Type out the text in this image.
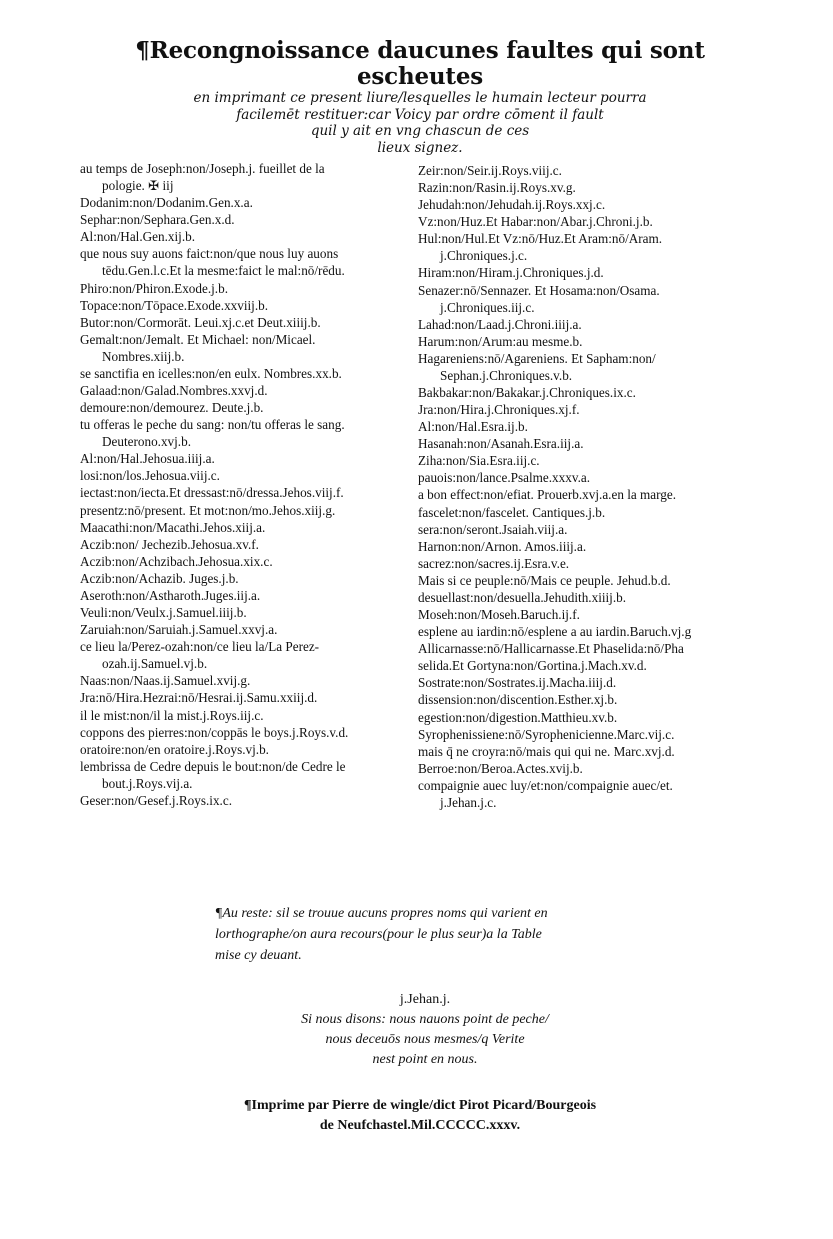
¶Recongnoissance daucunes faultes qui sont escheutes
en imprimant ce present liure/lesquelles le humain lecteur pourra
facilemēt restituer:car Voicy par ordre cōment il fault
quil y ait en vng chascun de ces
lieux signez.
au temps de Joseph:non/Joseph.j. fueillet de la
pologie. ✠ iij
Dodanim:non/Dodanim.Gen.x.a.
Sephar:non/Sephara.Gen.x.d.
Al:non/Hal.Gen.xij.b.
que nous suy auons faict:non/que nous luy auons
tēdu.Gen.l.c.Et la mesme:faict le mal:nō/rēdu.
Phiro:non/Phiron.Exode.j.b.
Topace:non/Tōpace.Exode.xxviij.b.
Butor:non/Cormorāt. Leui.xj.c.et Deut.xiiij.b.
Gemalt:non/Jemalt. Et Michael: non/Micael.
Nombres.xiij.b.
se sanctifia en icelles:non/en eulx. Nombres.xx.b.
Galaad:non/Galad.Nombres.xxvj.d.
demoure:non/demourez. Deute.j.b.
tu offeras le peche du sang: non/tu offeras le sang.
Deuterono.xvj.b.
Al:non/Hal.Jehosua.iiij.a.
losi:non/los.Jehosua.viij.c.
iectast:non/iecta.Et dressast:nō/dressa.Jehos.viij.f.
presentz:nō/present. Et mot:non/mo.Jehos.xiij.g.
Maacathi:non/Macathi.Jehos.xiij.a.
Aczib:non/ Jechezib.Jehosua.xv.f.
Aczib:non/Achzibach.Jehosua.xix.c.
Aczib:non/Achazib. Juges.j.b.
Aseroth:non/Astharoth.Juges.iij.a.
Veuli:non/Veulx.j.Samuel.iiij.b.
Zaruiah:non/Saruiah.j.Samuel.xxvj.a.
ce lieu la/Perez-ozah:non/ce lieu la/La Perez-
ozah.ij.Samuel.vj.b.
Naas:non/Naas.ij.Samuel.xvij.g.
Jra:nō/Hira.Hezrai:nō/Hesrai.ij.Samu.xxiij.d.
il le mist:non/il la mist.j.Roys.iij.c.
coppons des pierres:non/coppās le boys.j.Roys.v.d.
oratoire:non/en oratoire.j.Roys.vj.b.
lembrissa de Cedre depuis le bout:non/de Cedre le
bout.j.Roys.vij.a.
Geser:non/Gesef.j.Roys.ix.c.
Zeir:non/Seir.ij.Roys.viij.c.
Razin:non/Rasin.ij.Roys.xv.g.
Jehudah:non/Jehudah.ij.Roys.xxj.c.
Vz:non/Huz.Et Habar:non/Abar.j.Chroni.j.b.
Hul:non/Hul.Et Vz:nō/Huz.Et Aram:nō/Aram.
j.Chroniques.j.c.
Hiram:non/Hiram.j.Chroniques.j.d.
Senazer:nō/Sennazer. Et Hosama:non/Osama.
j.Chroniques.iij.c.
Lahad:non/Laad.j.Chroni.iiij.a.
Harum:non/Arum:au mesme.b.
Hagareniens:nō/Agareniens. Et Sapham:non/
Sephan.j.Chroniques.v.b.
Bakbakar:non/Bakakar.j.Chroniques.ix.c.
Jra:non/Hira.j.Chroniques.xj.f.
Al:non/Hal.Esra.ij.b.
Hasanah:non/Asanah.Esra.iij.a.
Ziha:non/Sia.Esra.iij.c.
pauois:non/lance.Psalme.xxxv.a.
a bon effect:non/efiat. Prouerb.xvj.a.en la marge.
fascelet:non/fascelet. Cantiques.j.b.
sera:non/seront.Jsaiah.viij.a.
Harnon:non/Arnon. Amos.iiij.a.
sacrez:non/sacres.ij.Esra.v.e.
Mais si ce peuple:nō/Mais ce peuple. Jehud.b.d.
desuellast:non/desuella.Jehudith.xiiij.b.
Moseh:non/Moseh.Baruch.ij.f.
esplene au iardin:nō/esplene a au iardin.Baruch.vj.g
Allicarnasse:nō/Hallicarnasse.Et Phaselida:nō/Pha
selida.Et Gortyna:non/Gortina.j.Mach.xv.d.
Sostrate:non/Sostrates.ij.Macha.iiij.d.
dissension:non/discention.Esther.xj.b.
egestion:non/digestion.Matthieu.xv.b.
Syrophenissiene:nō/Syrophenicienne.Marc.vij.c.
mais q̄ ne croyra:nō/mais qui qui ne. Marc.xvj.d.
Berroe:non/Beroa.Actes.xvij.b.
compaignie auec luy/et:non/compaignie auec/et.
j.Jehan.j.c.
¶Au reste: sil se trouue aucuns propres noms qui varient en
lorthographe/on aura recours(pour le plus seur)a la Table
mise cy deuant.
j.Jehan.j.
Si nous disons: nous nauons point de peche/
nous deceuōs nous mesmes/q Verite
nest point en nous.
¶Imprime par Pierre de wingle/dict Pirot Picard/Bourgeois
de Neufchastel.Mil.CCCCC.xxxv.
